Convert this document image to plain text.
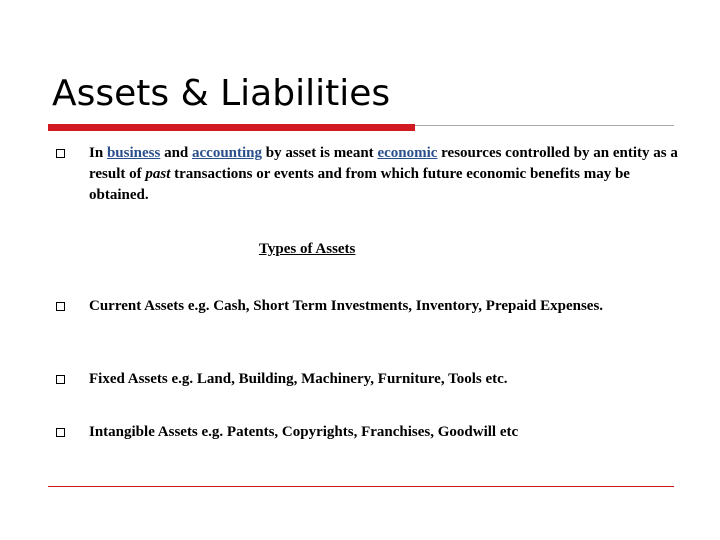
Assets & Liabilities
In business and accounting by asset is meant economic resources controlled by an entity as a result of past transactions or events and from which future economic benefits may be obtained.
Types of Assets
Current Assets e.g. Cash, Short Term Investments, Inventory, Prepaid Expenses.
Fixed Assets e.g. Land, Building, Machinery, Furniture, Tools etc.
Intangible Assets e.g. Patents, Copyrights, Franchises, Goodwill etc
